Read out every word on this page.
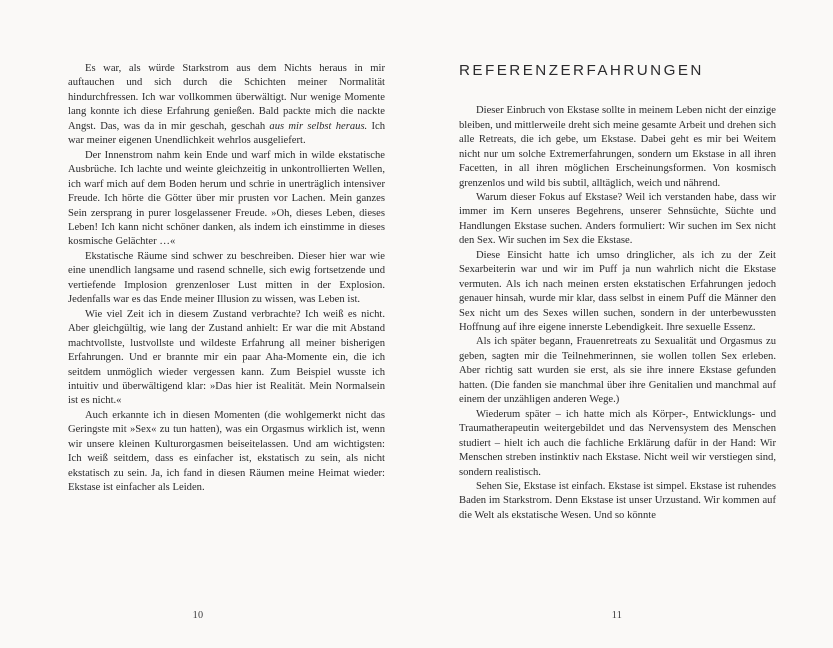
Es war, als würde Starkstrom aus dem Nichts heraus in mir auftauchen und sich durch die Schichten meiner Normalität hindurchfressen. Ich war vollkommen überwältigt. Nur wenige Momente lang konnte ich diese Erfahrung genießen. Bald packte mich die nackte Angst. Das, was da in mir geschah, geschah aus mir selbst heraus. Ich war meiner eigenen Unendlichkeit wehrlos ausgeliefert.

Der Innenstrom nahm kein Ende und warf mich in wilde ekstatische Ausbrüche. Ich lachte und weinte gleichzeitig in unkontrollierten Wellen, ich warf mich auf dem Boden herum und schrie in unerträglich intensiver Freude. Ich hörte die Götter über mir prusten vor Lachen. Mein ganzes Sein zersprang in purer losgelassener Freude. »Oh, dieses Leben, dieses Leben! Ich kann nicht schöner danken, als indem ich einstimme in dieses kosmische Gelächter …«

Ekstatische Räume sind schwer zu beschreiben. Dieser hier war wie eine unendlich langsame und rasend schnelle, sich ewig fortsetzende und vertiefende Implosion grenzenloser Lust mitten in der Explosion. Jedenfalls war es das Ende meiner Illusion zu wissen, was Leben ist.

Wie viel Zeit ich in diesem Zustand verbrachte? Ich weiß es nicht. Aber gleichgültig, wie lang der Zustand anhielt: Er war die mit Abstand machtvollste, lustvollste und wildeste Erfahrung all meiner bisherigen Erfahrungen. Und er brannte mir ein paar Aha-Momente ein, die ich seitdem unmöglich wieder vergessen kann. Zum Beispiel wusste ich intuitiv und überwältigend klar: »Das hier ist Realität. Mein Normalsein ist es nicht.«

Auch erkannte ich in diesen Momenten (die wohlgemerkt nicht das Geringste mit »Sex« zu tun hatten), was ein Orgasmus wirklich ist, wenn wir unsere kleinen Kulturorgasmen beiseitelassen. Und am wichtigsten: Ich weiß seitdem, dass es einfacher ist, ekstatisch zu sein, als nicht ekstatisch zu sein. Ja, ich fand in diesen Räumen meine Heimat wieder: Ekstase ist einfacher als Leiden.

10
REFERENZERFAHRUNGEN

Dieser Einbruch von Ekstase sollte in meinem Leben nicht der einzige bleiben, und mittlerweile dreht sich meine gesamte Arbeit und drehen sich alle Retreats, die ich gebe, um Ekstase. Dabei geht es mir bei Weitem nicht nur um solche Extremerfahrungen, sondern um Ekstase in all ihren Facetten, in all ihren möglichen Erscheinungsformen. Von kosmisch grenzenlos und wild bis subtil, alltäglich, weich und nährend.

Warum dieser Fokus auf Ekstase? Weil ich verstanden habe, dass wir immer im Kern unseres Begehrens, unserer Sehnsüchte, Süchte und Handlungen Ekstase suchen. Anders formuliert: Wir suchen im Sex nicht den Sex. Wir suchen im Sex die Ekstase.

Diese Einsicht hatte ich umso dringlicher, als ich zu der Zeit Sexarbeiterin war und wir im Puff ja nun wahrlich nicht die Ekstase vermuten. Als ich nach meinen ersten ekstatischen Erfahrungen jedoch genauer hinsah, wurde mir klar, dass selbst in einem Puff die Männer den Sex nicht um des Sexes willen suchen, sondern in der unterbewussten Hoffnung auf ihre eigene innerste Lebendigkeit. Ihre sexuelle Essenz.

Als ich später begann, Frauenretreats zu Sexualität und Orgasmus zu geben, sagten mir die Teilnehmerinnen, sie wollen tollen Sex erleben. Aber richtig satt wurden sie erst, als sie ihre innere Ekstase gefunden hatten. (Die fanden sie manchmal über ihre Genitalien und manchmal auf einem der unzähligen anderen Wege.)

Wiederum später – ich hatte mich als Körper-, Entwicklungs- und Traumatherapeutin weitergebildet und das Nervensystem des Menschen studiert – hielt ich auch die fachliche Erklärung dafür in der Hand: Wir Menschen streben instinktiv nach Ekstase. Nicht weil wir verstiegen sind, sondern realistisch.

Sehen Sie, Ekstase ist einfach. Ekstase ist simpel. Ekstase ist ruhendes Baden im Starkstrom. Denn Ekstase ist unser Urzustand. Wir kommen auf die Welt als ekstatische Wesen. Und so könnte

11
